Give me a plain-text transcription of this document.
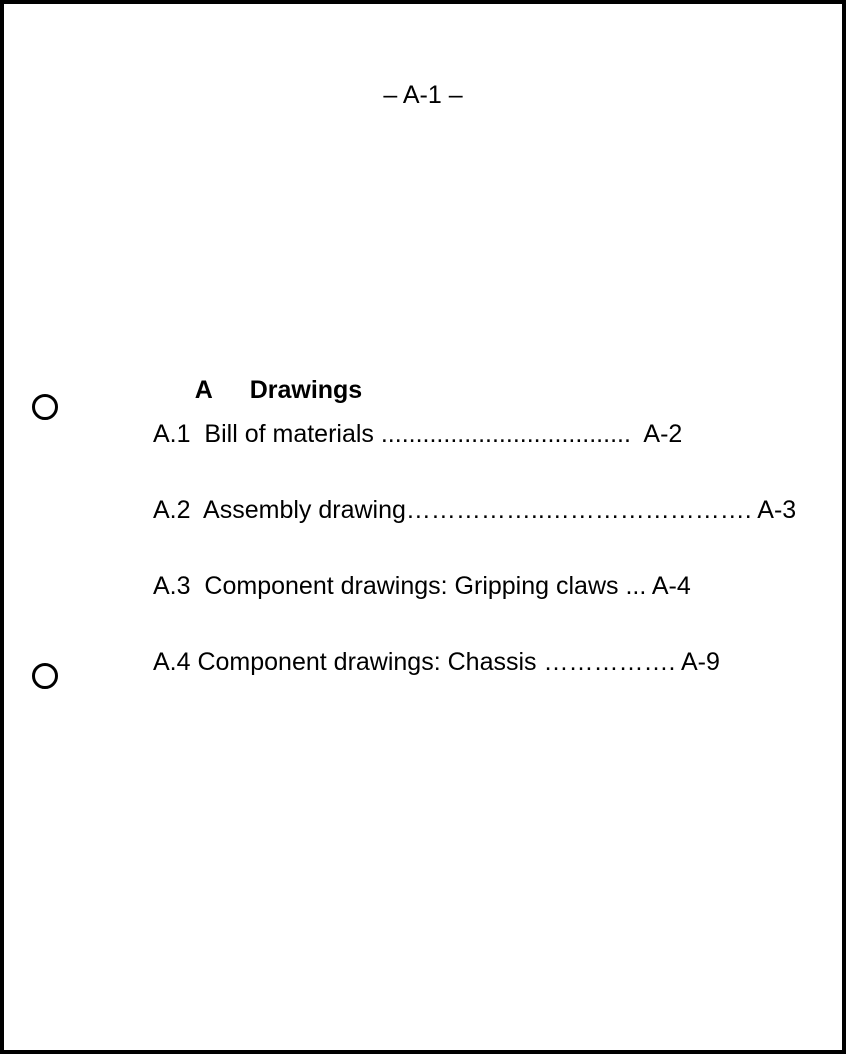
– A-1 –

A Drawings

A.1  Bill of materials ....................................  A-2
A.2  Assembly drawing……………..……………………. A-3
A.3  Component drawings: Gripping claws ... A-4
A.4 Component drawings: Chassis ……………. A-9
